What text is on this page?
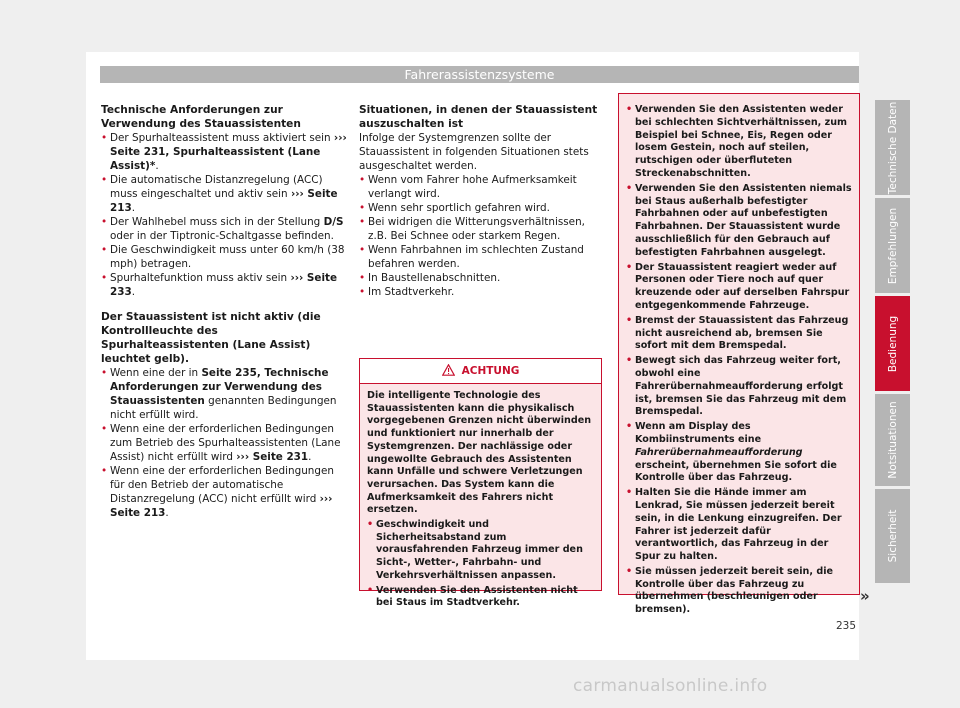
Fahrerassistenzsysteme

Technische Anforderungen zur Verwendung des Stauassistenten

• Der Spurhalteassistent muss aktiviert sein ››› Seite 231, Spurhalteassistent (Lane Assist)*.

• Die automatische Distanzregelung (ACC) muss eingeschaltet und aktiv sein ››› Seite 213.

• Der Wahlhebel muss sich in der Stellung D/S oder in der Tiptronic-Schaltgasse befinden.

• Die Geschwindigkeit muss unter 60 km/h (38 mph) betragen.

• Spurhaltefunktion muss aktiv sein ››› Seite 233.

Der Stauassistent ist nicht aktiv (die Kontrollleuchte des Spurhalteassistenten (Lane Assist) leuchtet gelb).

• Wenn eine der in Seite 235, Technische Anforderungen zur Verwendung des Stauassistenten genannten Bedingungen nicht erfüllt wird.

• Wenn eine der erforderlichen Bedingungen zum Betrieb des Spurhalteassistenten (Lane Assist) nicht erfüllt wird ››› Seite 231.

• Wenn eine der erforderlichen Bedingungen für den Betrieb der automatische Distanzregelung (ACC) nicht erfüllt wird ››› Seite 213.

Situationen, in denen der Stauassistent auszuschalten ist

Infolge der Systemgrenzen sollte der Stauassistent in folgenden Situationen stets ausgeschaltet werden.

• Wenn vom Fahrer hohe Aufmerksamkeit verlangt wird.

• Wenn sehr sportlich gefahren wird.

• Bei widrigen die Witterungsverhältnissen, z.B. Bei Schnee oder starkem Regen.

• Wenn Fahrbahnen im schlechten Zustand befahren werden.

• In Baustellenabschnitten.

• Im Stadtverkehr.

ACHTUNG

Die intelligente Technologie des Stauassistenten kann die physikalisch vorgegebenen Grenzen nicht überwinden und funktioniert nur innerhalb der Systemgrenzen. Der nachlässige oder ungewollte Gebrauch des Assistenten kann Unfälle und schwere Verletzungen verursachen. Das System kann die Aufmerksamkeit des Fahrers nicht ersetzen.

• Geschwindigkeit und Sicherheitsabstand zum vorausfahrenden Fahrzeug immer den Sicht-, Wetter-, Fahrbahn- und Verkehrsverhältnissen anpassen.

• Verwenden Sie den Assistenten nicht bei Staus im Stadtverkehr.

• Verwenden Sie den Assistenten weder bei schlechten Sichtverhältnissen, zum Beispiel bei Schnee, Eis, Regen oder losem Gestein, noch auf steilen, rutschigen oder überfluteten Streckenabschnitten.

• Verwenden Sie den Assistenten niemals bei Staus außerhalb befestigter Fahrbahnen oder auf unbefestigten Fahrbahnen. Der Stauassistent wurde ausschließlich für den Gebrauch auf befestigten Fahrbahnen ausgelegt.

• Der Stauassistent reagiert weder auf Personen oder Tiere noch auf quer kreuzende oder auf derselben Fahrspur entgegenkommende Fahrzeuge.

• Bremst der Stauassistent das Fahrzeug nicht ausreichend ab, bremsen Sie sofort mit dem Bremspedal.

• Bewegt sich das Fahrzeug weiter fort, obwohl eine Fahrerübernahmeaufforderung erfolgt ist, bremsen Sie das Fahrzeug mit dem Bremspedal.

• Wenn am Display des Kombiinstruments eine Fahrerübernahmeaufforderung erscheint, übernehmen Sie sofort die Kontrolle über das Fahrzeug.

• Halten Sie die Hände immer am Lenkrad, Sie müssen jederzeit bereit sein, in die Lenkung einzugreifen. Der Fahrer ist jederzeit dafür verantwortlich, das Fahrzeug in der Spur zu halten.

• Sie müssen jederzeit bereit sein, die Kontrolle über das Fahrzeug zu übernehmen (beschleunigen oder bremsen).

»
Technische Daten
Empfehlungen
Bedienung
Notsituationen
Sicherheit
235
carmanualsonline.info
